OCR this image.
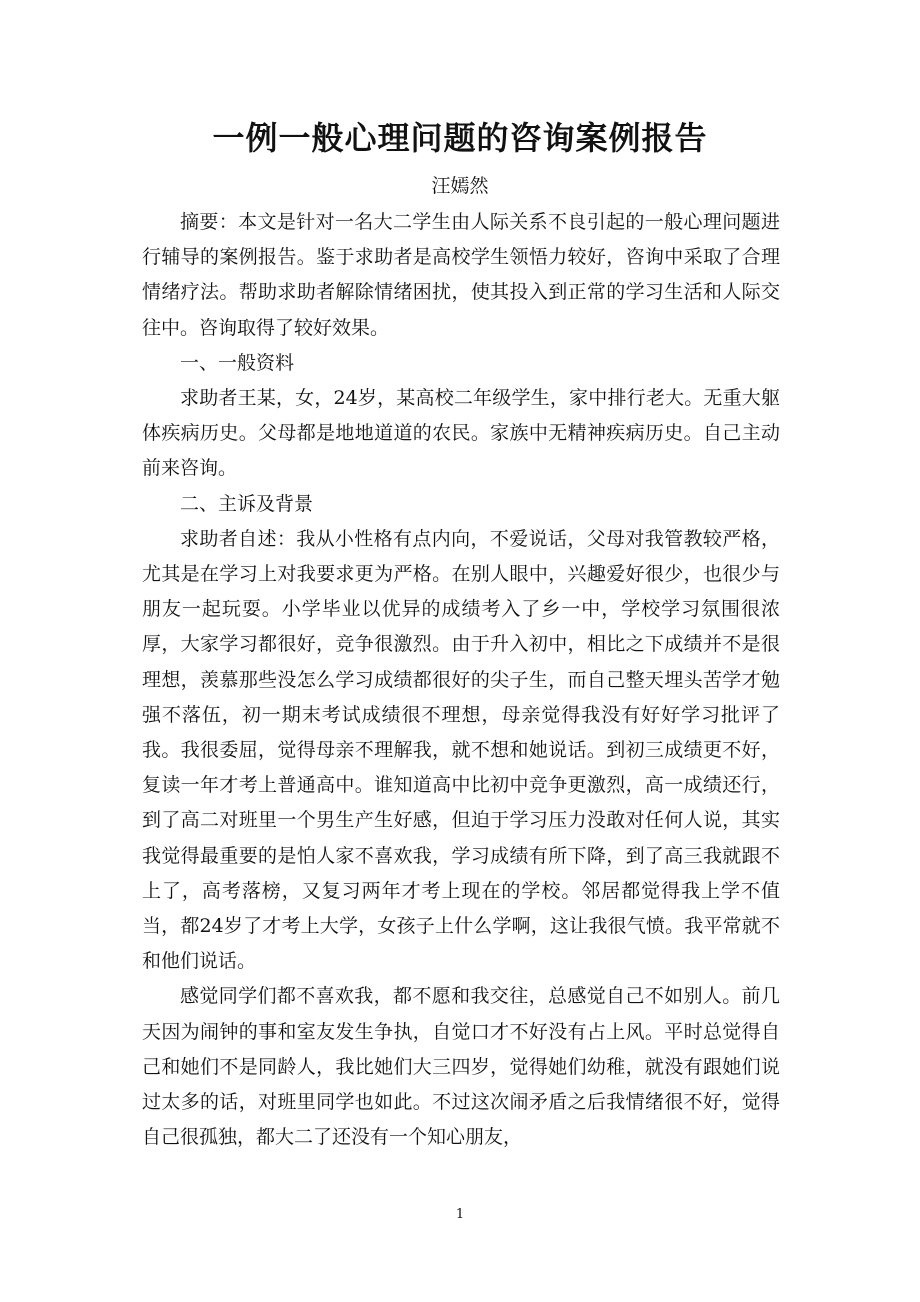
一例一般心理问题的咨询案例报告
汪嫣然

摘要：本文是针对一名大二学生由人际关系不良引起的一般心理问题进行辅导的案例报告。鉴于求助者是高校学生领悟力较好，咨询中采取了合理情绪疗法。帮助求助者解除情绪困扰，使其投入到正常的学习生活和人际交往中。咨询取得了较好效果。

一、一般资料

求助者王某，女，24岁，某高校二年级学生，家中排行老大。无重大躯体疾病历史。父母都是地地道道的农民。家族中无精神疾病历史。自己主动前来咨询。

二、主诉及背景

求助者自述：我从小性格有点内向，不爱说话，父母对我管教较严格，尤其是在学习上对我要求更为严格。在别人眼中，兴趣爱好很少，也很少与朋友一起玩耍。小学毕业以优异的成绩考入了乡一中，学校学习氛围很浓厚，大家学习都很好，竞争很激烈。由于升入初中，相比之下成绩并不是很理想，羡慕那些没怎么学习成绩都很好的尖子生，而自己整天埋头苦学才勉强不落伍，初一期末考试成绩很不理想，母亲觉得我没有好好学习批评了我。我很委屈，觉得母亲不理解我，就不想和她说话。到初三成绩更不好，复读一年才考上普通高中。谁知道高中比初中竞争更激烈，高一成绩还行，到了高二对班里一个男生产生好感，但迫于学习压力没敢对任何人说，其实我觉得最重要的是怕人家不喜欢我，学习成绩有所下降，到了高三我就跟不上了，高考落榜，又复习两年才考上现在的学校。邻居都觉得我上学不值当，都24岁了才考上大学，女孩子上什么学啊，这让我很气愤。我平常就不和他们说话。

感觉同学们都不喜欢我，都不愿和我交往，总感觉自己不如别人。前几天因为闹钟的事和室友发生争执，自觉口才不好没有占上风。平时总觉得自己和她们不是同龄人，我比她们大三四岁，觉得她们幼稚，就没有跟她们说过太多的话，对班里同学也如此。不过这次闹矛盾之后我情绪很不好，觉得自己很孤独，都大二了还没有一个知心朋友，

1
